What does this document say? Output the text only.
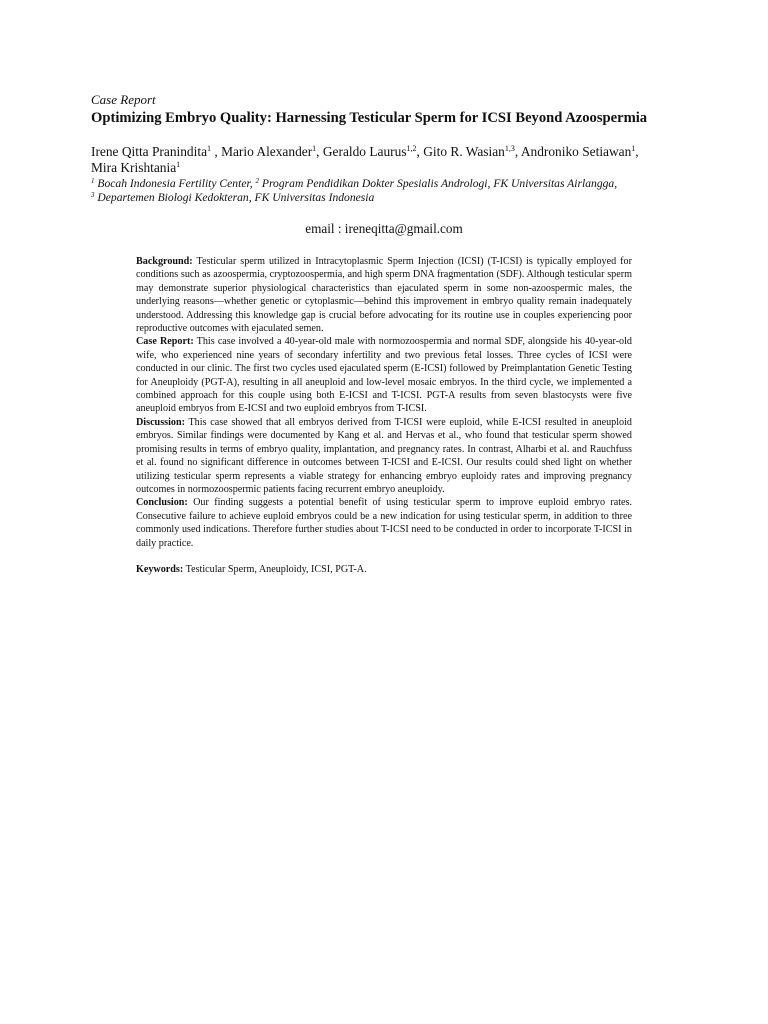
Case Report
Optimizing Embryo Quality: Harnessing Testicular Sperm for ICSI Beyond Azoospermia
Irene Qitta Pranindita$^1$ , Mario Alexander$^1$, Geraldo Laurus$^{1,2}$, Gito R. Wasian$^{1,3}$, Androniko Setiawan$^1$, Mira Krishtania$^1$
$^1$ Bocah Indonesia Fertility Center, $^2$ Program Pendidikan Dokter Spesialis Andrologi, FK Universitas Airlangga,
$^3$ Departemen Biologi Kedokteran, FK Universitas Indonesia
email : ireneqitta@gmail.com

Background: Testicular sperm utilized in Intracytoplasmic Sperm Injection (ICSI) (T-ICSI) is typically employed for conditions such as azoospermia, cryptozoospermia, and high sperm DNA fragmentation (SDF). Although testicular sperm may demonstrate superior physiological characteristics than ejaculated sperm in some non-azoospermic males, the underlying reasons—whether genetic or cytoplasmic—behind this improvement in embryo quality remain inadequately understood. Addressing this knowledge gap is crucial before advocating for its routine use in couples experiencing poor reproductive outcomes with ejaculated semen.

Case Report: This case involved a 40-year-old male with normozoospermia and normal SDF, alongside his 40-year-old wife, who experienced nine years of secondary infertility and two previous fetal losses. Three cycles of ICSI were conducted in our clinic. The first two cycles used ejaculated sperm (E-ICSI) followed by Preimplantation Genetic Testing for Aneuploidy (PGT-A), resulting in all aneuploid and low-level mosaic embryos. In the third cycle, we implemented a combined approach for this couple using both E-ICSI and T-ICSI. PGT-A results from seven blastocysts were five aneuploid embryos from E-ICSI and two euploid embryos from T-ICSI.

Discussion: This case showed that all embryos derived from T-ICSI were euploid, while E-ICSI resulted in aneuploid embryos. Similar findings were documented by Kang et al. and Hervas et al., who found that testicular sperm showed promising results in terms of embryo quality, implantation, and pregnancy rates. In contrast, Alharbi et al. and Rauchfuss et al. found no significant difference in outcomes between T-ICSI and E-ICSI. Our results could shed light on whether utilizing testicular sperm represents a viable strategy for enhancing embryo euploidy rates and improving pregnancy outcomes in normozoospermic patients facing recurrent embryo aneuploidy.

Conclusion: Our finding suggests a potential benefit of using testicular sperm to improve euploid embryo rates. Consecutive failure to achieve euploid embryos could be a new indication for using testicular sperm, in addition to three commonly used indications. Therefore further studies about T-ICSI need to be conducted in order to incorporate T-ICSI in daily practice.

Keywords: Testicular Sperm, Aneuploidy, ICSI, PGT-A.
